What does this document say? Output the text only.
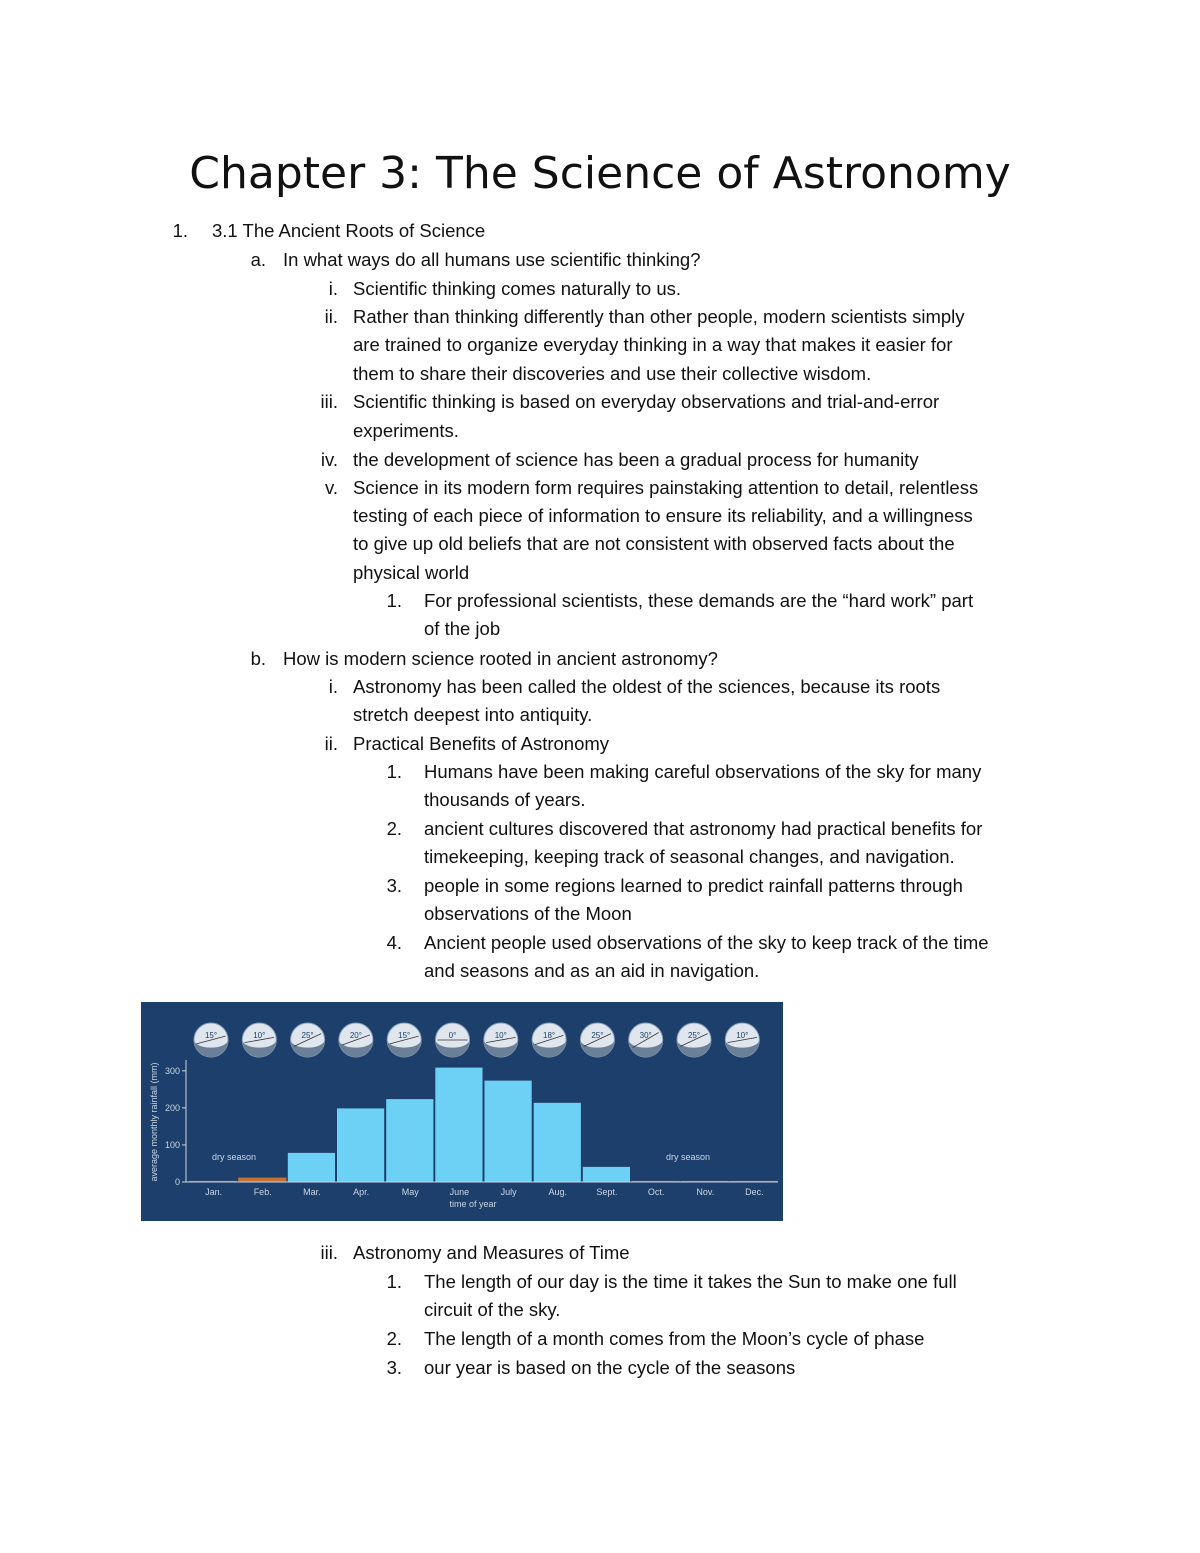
Chapter 3: The Science of Astronomy
1. 3.1 The Ancient Roots of Science
a. In what ways do all humans use scientific thinking?
i. Scientific thinking comes naturally to us.
ii. Rather than thinking differently than other people, modern scientists simply
are trained to organize everyday thinking in a way that makes it easier for
them to share their discoveries and use their collective wisdom.
iii. Scientific thinking is based on everyday observations and trial-and-error
experiments.
iv. the development of science has been a gradual process for humanity
v. Science in its modern form requires painstaking attention to detail, relentless
testing of each piece of information to ensure its reliability, and a willingness
to give up old beliefs that are not consistent with observed facts about the
physical world
1. For professional scientists, these demands are the “hard work” part
of the job
b. How is modern science rooted in ancient astronomy?
i. Astronomy has been called the oldest of the sciences, because its roots
stretch deepest into antiquity.
ii. Practical Benefits of Astronomy
1. Humans have been making careful observations of the sky for many
thousands of years.
2. ancient cultures discovered that astronomy had practical benefits for
timekeeping, keeping track of seasonal changes, and navigation.
3. people in some regions learned to predict rainfall patterns through
observations of the Moon
4. Ancient people used observations of the sky to keep track of the time
and seasons and as an aid in navigation.
iii. Astronomy and Measures of Time
1. The length of our day is the time it takes the Sun to make one full
circuit of the sky.
2. The length of a month comes from the Moon’s cycle of phase
3. our year is based on the cycle of the seasons
15°	10°	25°	20°	15°	0°	10°	18°	25°	30°	25°	10°
Jan.	Feb.	Mar.	Apr.	May	June	July	Aug.	Sept.	Oct.	Nov.	Dec.
0
100
200
300
time of year
average monthly rainfall (mm)	dry season
rainy season
dry season
